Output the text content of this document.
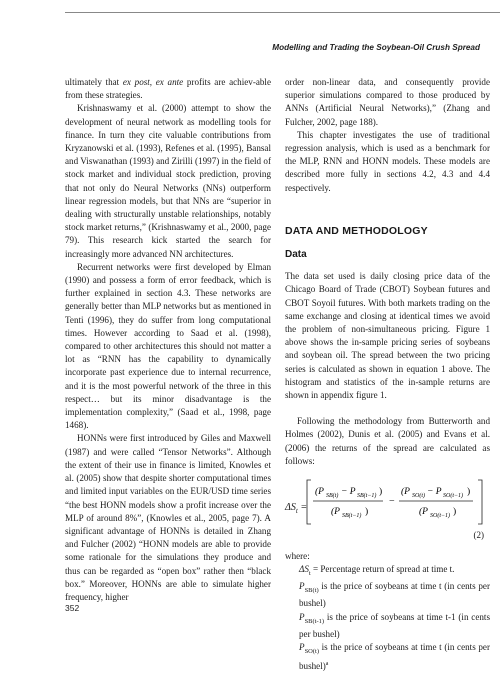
Modelling and Trading the Soybean-Oil Crush Spread

ultimately that ex post, ex ante profits are achiev-able from these strategies.

Krishnaswamy et al. (2000) attempt to show the development of neural network as modelling tools for finance. In turn they cite valuable contributions from Kryzanowski et al. (1993), Refenes et al. (1995), Bansal and Viswanathan (1993) and Zirilli (1997) in the field of stock market and individual stock prediction, proving that not only do Neural Networks (NNs) outperform linear regression models, but that NNs are “superior in dealing with structurally unstable relationships, notably stock market returns,” (Krishnaswamy et al., 2000, page 79). This research kick started the search for increasingly more advanced NN architectures.

Recurrent networks were first developed by Elman (1990) and possess a form of error feedback, which is further explained in section 4.3. These networks are generally better than MLP networks but as mentioned in Tenti (1996), they do suffer from long computational times. However according to Saad et al. (1998), compared to other architectures this should not matter a lot as “RNN has the capability to dynamically incorporate past experience due to internal recurrence, and it is the most powerful network of the three in this respect… but its minor disadvantage is the implementation complexity,” (Saad et al., 1998, page 1468).

HONNs were first introduced by Giles and Maxwell (1987) and were called “Tensor Networks”. Although the extent of their use in finance is limited, Knowles et al. (2005) show that despite shorter computational times and limited input variables on the EUR/USD time series “the best HONN models show a profit increase over the MLP of around 8%”, (Knowles et al., 2005, page 7). A significant advantage of HONNs is detailed in Zhang and Fulcher (2002) “HONN models are able to provide some rationale for the simulations they produce and thus can be regarded as “open box” rather then “black box.” Moreover, HONNs are able to simulate higher frequency, higher

order non-linear data, and consequently provide superior simulations compared to those produced by ANNs (Artificial Neural Networks),” (Zhang and Fulcher, 2002, page 188).

This chapter investigates the use of traditional regression analysis, which is used as a benchmark for the MLP, RNN and HONN models. These models are described more fully in sections 4.2, 4.3 and 4.4 respectively.

DATA AND METHODOLOGY
Data

The data set used is daily closing price data of the Chicago Board of Trade (CBOT) Soybean futures and CBOT Soyoil futures. With both markets trading on the same exchange and closing at identical times we avoid the problem of non-simultaneous pricing. Figure 1 above shows the in-sample pricing series of soybeans and soybean oil. The spread between the two pricing series is calculated as shown in equation 1 above. The histogram and statistics of the in-sample returns are shown in appendix figure 1.

Following the methodology from Butterworth and Holmes (2002), Dunis et al. (2005) and Evans et al. (2006) the returns of the spread are calculated as follows:

$\Delta S_t$ =
(P SB(t) − P SB(t−1) )
(P SB(t−1) )
−
(P SO(t) − P SO(t−1) )
(P SO(t−1) )
(2)

where:

$\Delta S_t$ = Percentage return of spread at time t.

$P_{SB(t)}$ is the price of soybeans at time t (in cents per bushel)

$P_{SB(t-1)}$ is the price of soybeans at time t-1 (in cents per bushel)

$P_{SO(t)}$ is the price of soybeans at time t (in cents per bushel)$^a$

352
